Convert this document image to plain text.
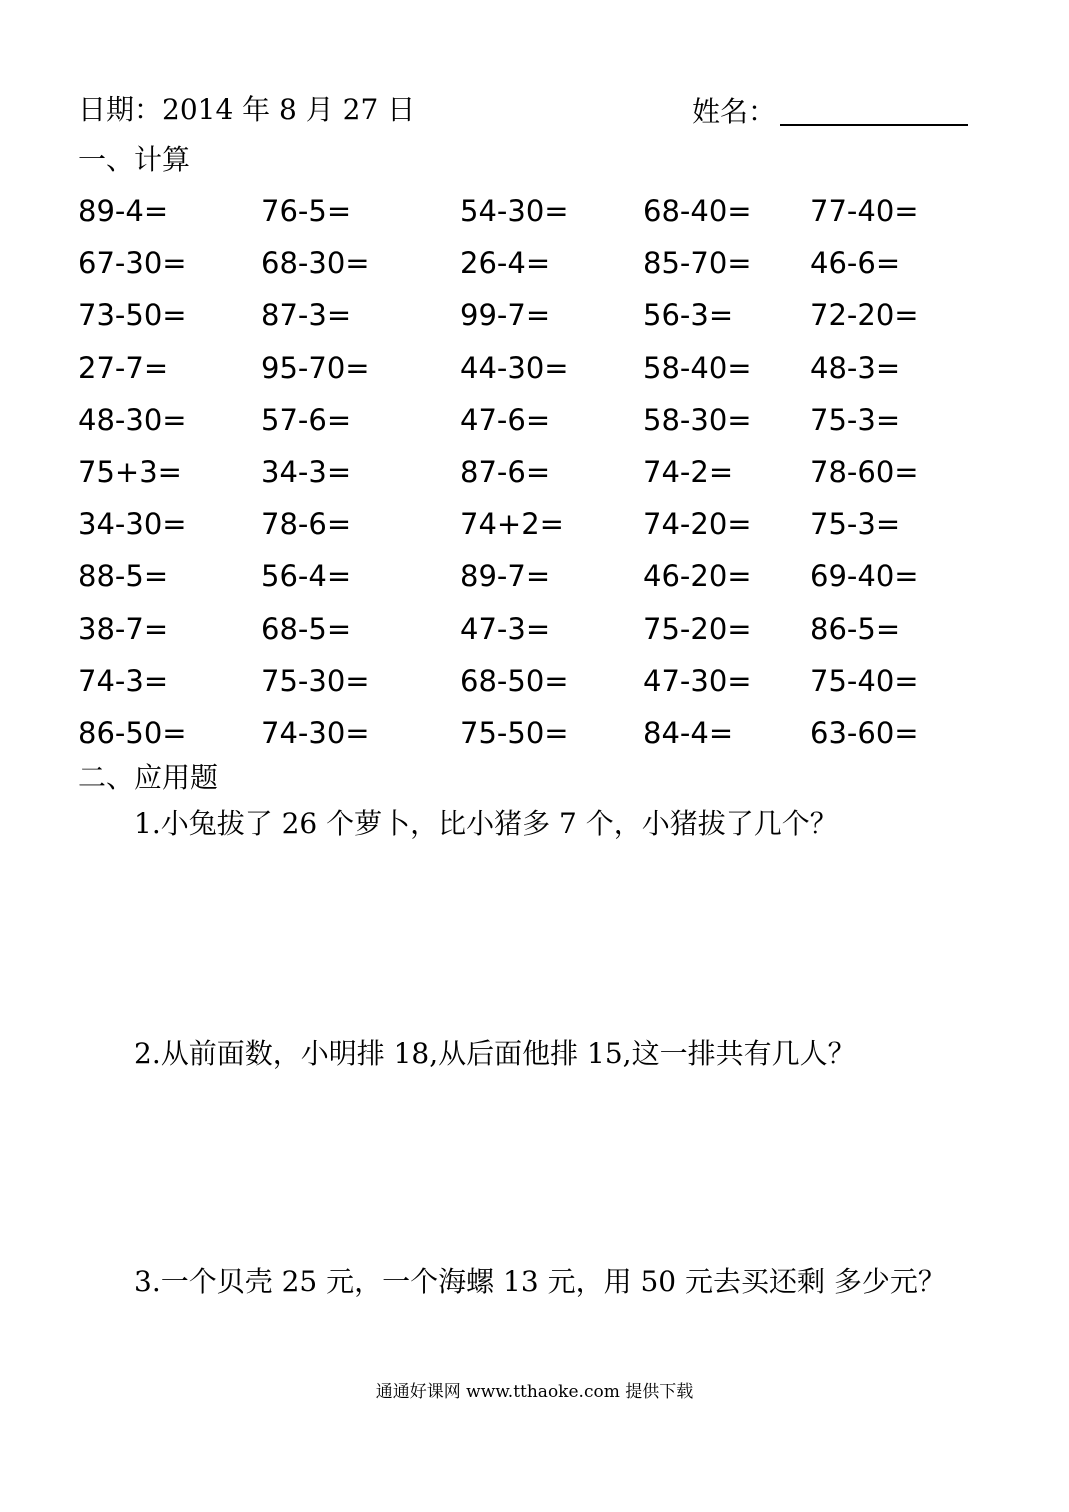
日期：2014 年 8 月 27 日	姓名：
一、计算
89-4=	76-5=	54-30=	68-40= 77-40=
67-30=	68-30=	26-4=	85-70= 46-6=
73-50=	87-3=	99-7=	56-3=	72-20=
27-7=	95-70=	44-30=	58-40= 48-3=
48-30=	57-6=	47-6=	58-30= 75-3=
75+3=	34-3=	87-6=	74-2=	78-60=
34-30=	78-6=	74+2=	74-20= 75-3=
88-5=	56-4=	89-7=	46-20= 69-40=
38-7=	68-5=	47-3=	75-20= 86-5=
74-3=	75-30=	68-50=	47-30= 75-40=
86-50=	74-30=	75-50=	84-4=	63-60=
二、应用题
1.小兔拔了 26 个萝卜，比小猪多 7 个，小猪拔了几个？
2.从前面数，小明排 18,从后面他排 15,这一排共有几人？
3.一个贝壳 25 元，一个海螺 13 元，用 50 元去买还剩 多少元？
通通好课网 www.tthaoke.com 提供下载
